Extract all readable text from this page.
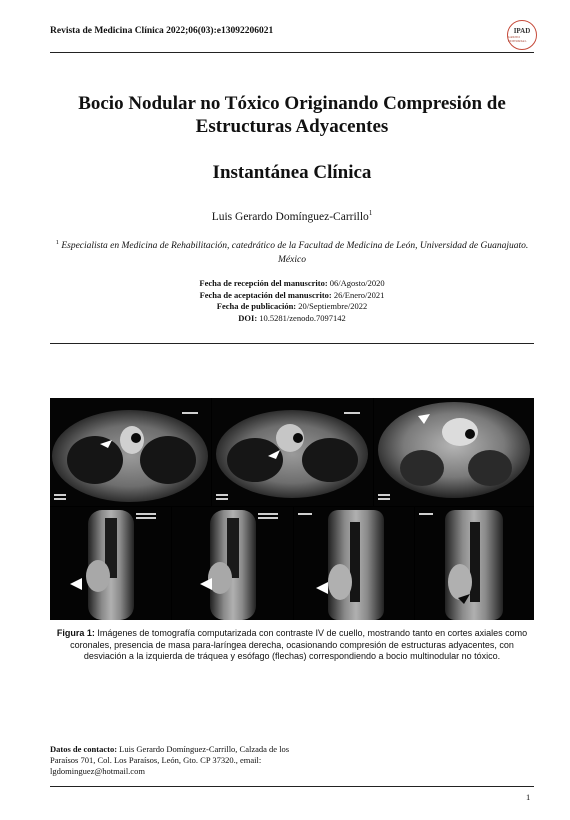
Revista de Medicina Clínica 2022;06(03):e13092206021	IPAD
GRUPO EDITORIAL
Bocio Nodular no Tóxico Originando Compresión de Estructuras Adyacentes
Instantánea Clínica
Luis Gerardo Domínguez-Carrillo$^1$
$^1$ Especialista en Medicina de Rehabilitación, catedrático de la Facultad de Medicina de León, Universidad de Guanajuato. México
Fecha de recepción del manuscrito: 06/Agosto/2020
Fecha de aceptación del manuscrito: 26/Enero/2021
Fecha de publicación: 20/Septiembre/2022
DOI: 10.5281/zenodo.7097142
Figura 1: Imágenes de tomografía computarizada con contraste IV de cuello, mostrando tanto en cortes axiales como coronales, presencia de masa para-laríngea derecha, ocasionando compresión de estructuras adyacentes, con desviación a la izquierda de tráquea y esófago (flechas) correspondiendo a bocio multinodular no tóxico.
Datos de contacto: Luis Gerardo Domínguez-Carrillo, Calzada de los Paraísos 701, Col. Los Paraísos, León, Gto. CP 37320., email: lgdominguez@hotmail.com
1
